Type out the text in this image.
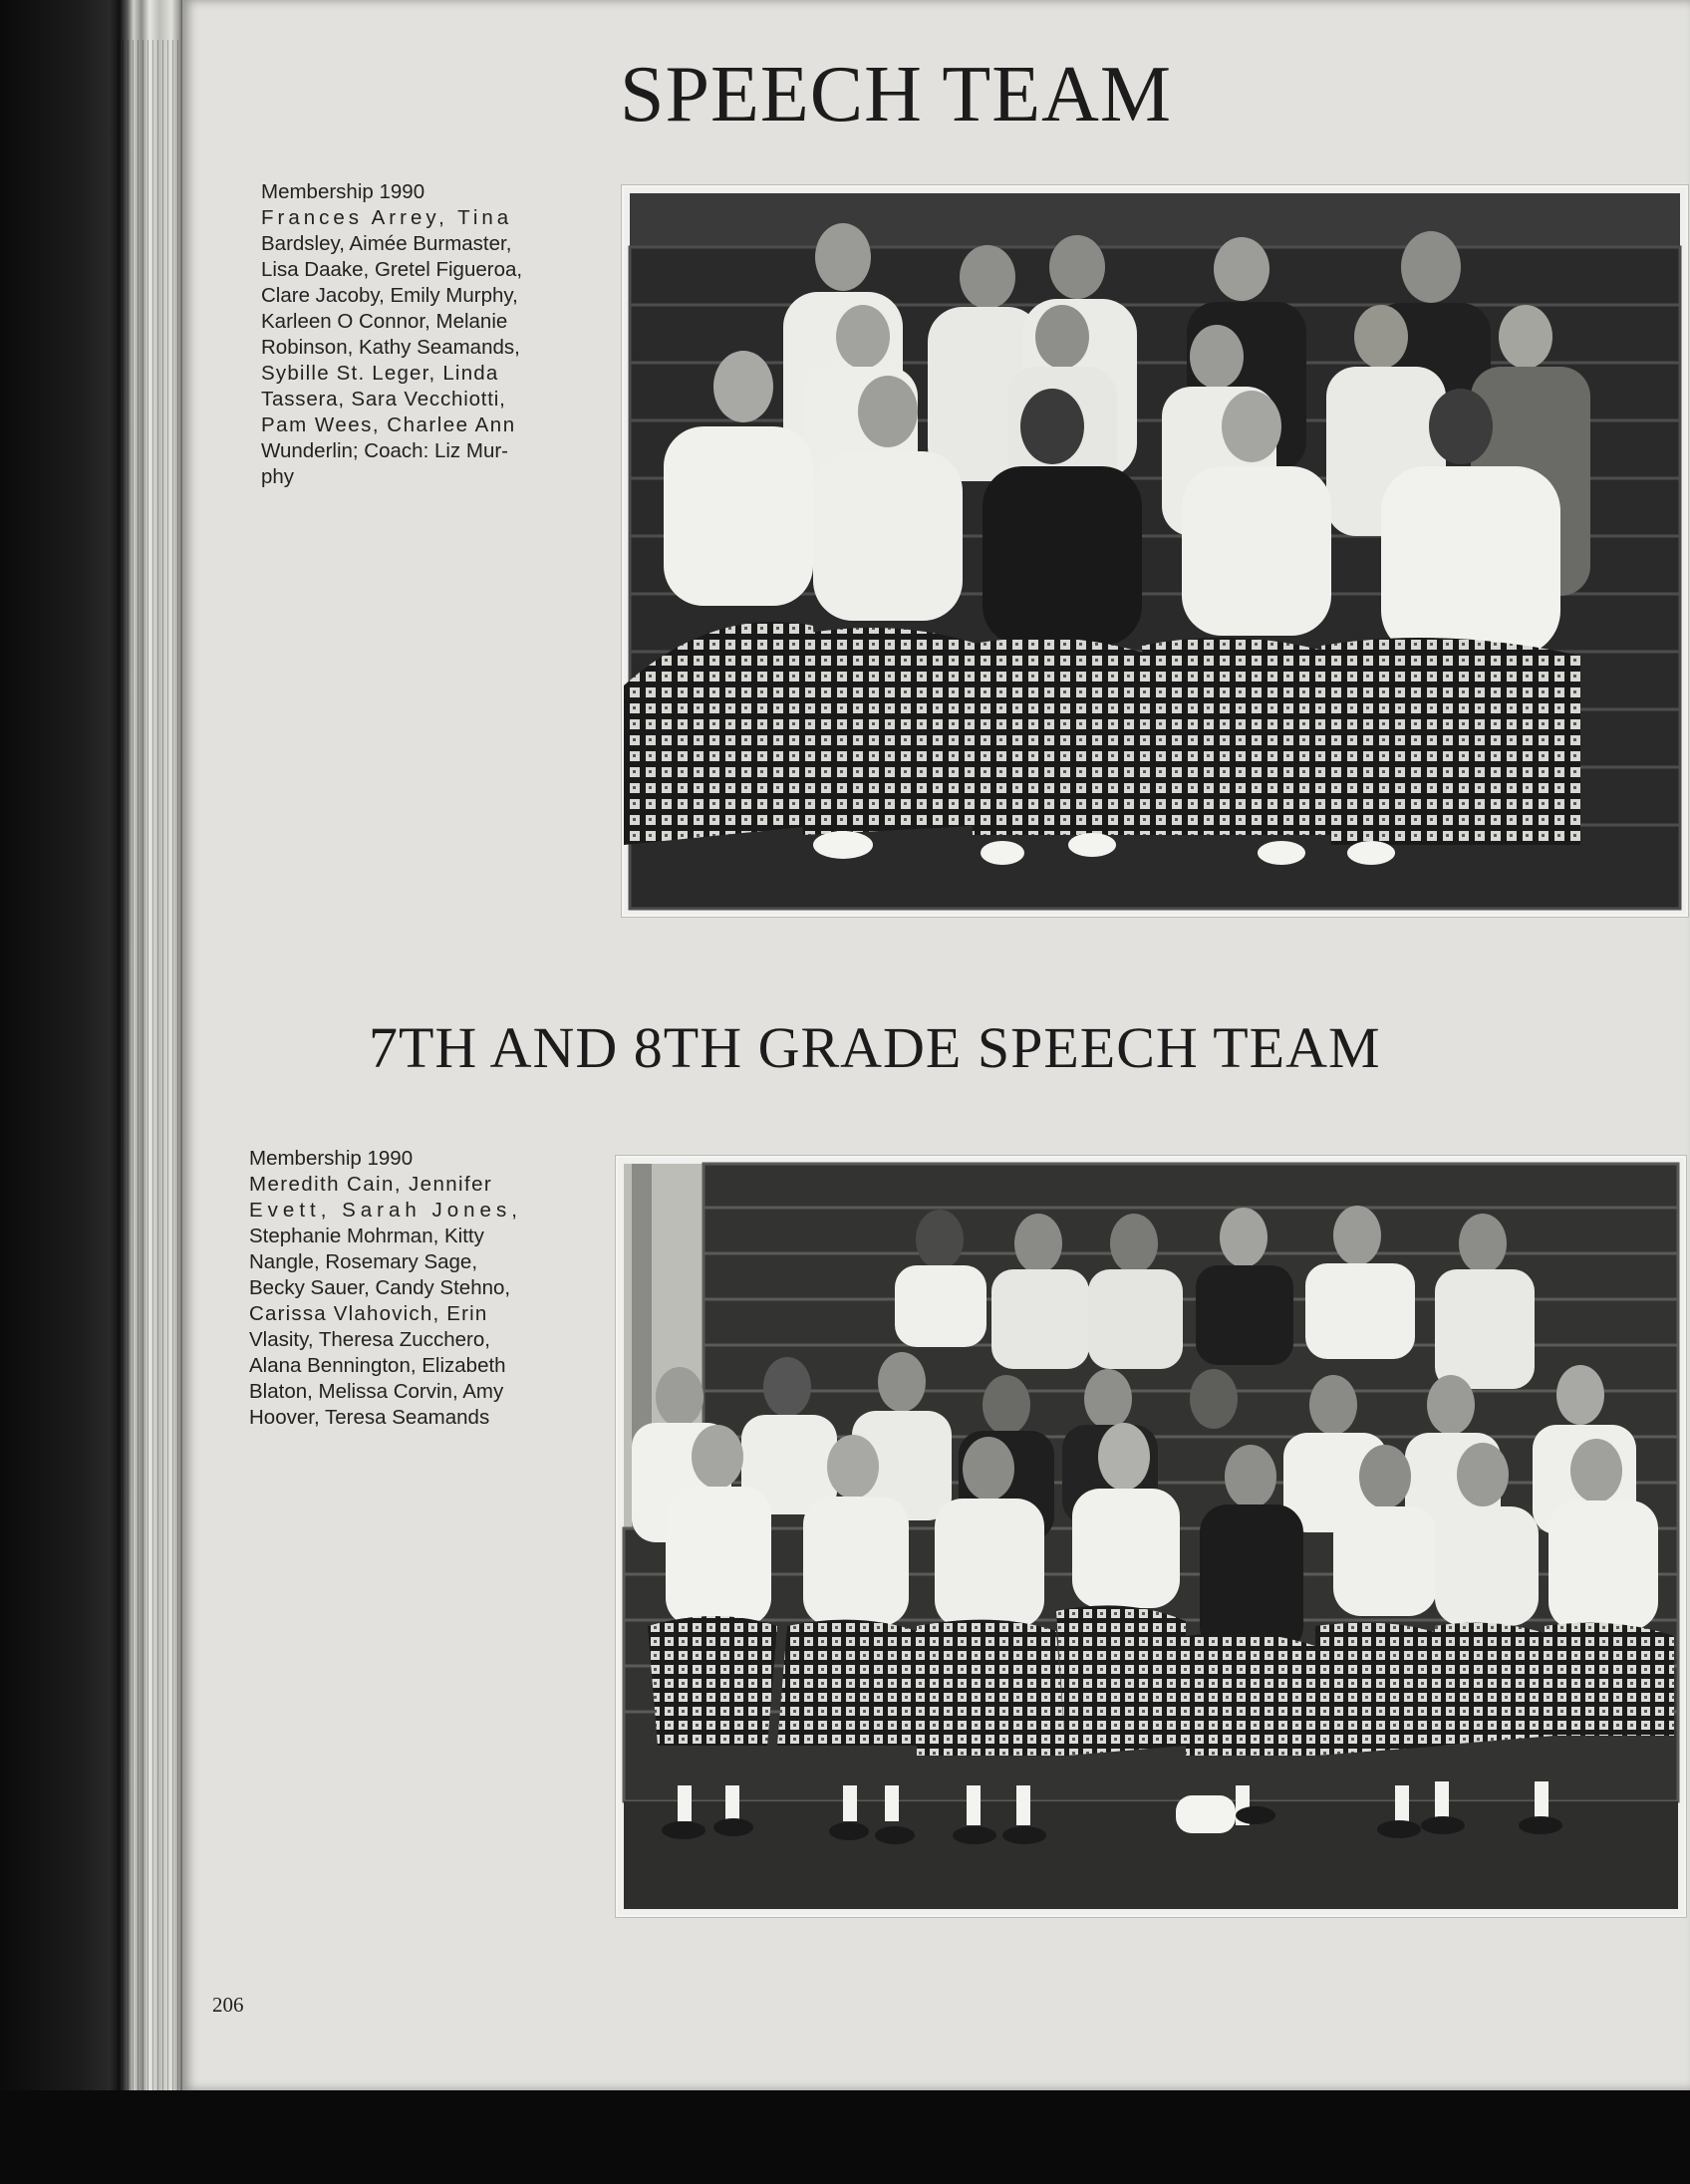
SPEECH TEAM
Membership 1990
Frances Arrey, Tina
Bardsley, Aimée Burmaster,
Lisa Daake, Gretel Figueroa,
Clare Jacoby, Emily Murphy,
Karleen O Connor, Melanie
Robinson, Kathy Seamands,
Sybille St. Leger, Linda
Tassera, Sara Vecchiotti,
Pam Wees, Charlee Ann
Wunderlin; Coach: Liz Mur-
phy
7TH AND 8TH GRADE SPEECH TEAM
Membership 1990
Meredith Cain, Jennifer
Evett, Sarah Jones,
Stephanie Mohrman, Kitty
Nangle, Rosemary Sage,
Becky Sauer, Candy Stehno,
Carissa Vlahovich, Erin
Vlasity, Theresa Zucchero,
Alana Bennington, Elizabeth
Blaton, Melissa Corvin, Amy
Hoover, Teresa Seamands

206
